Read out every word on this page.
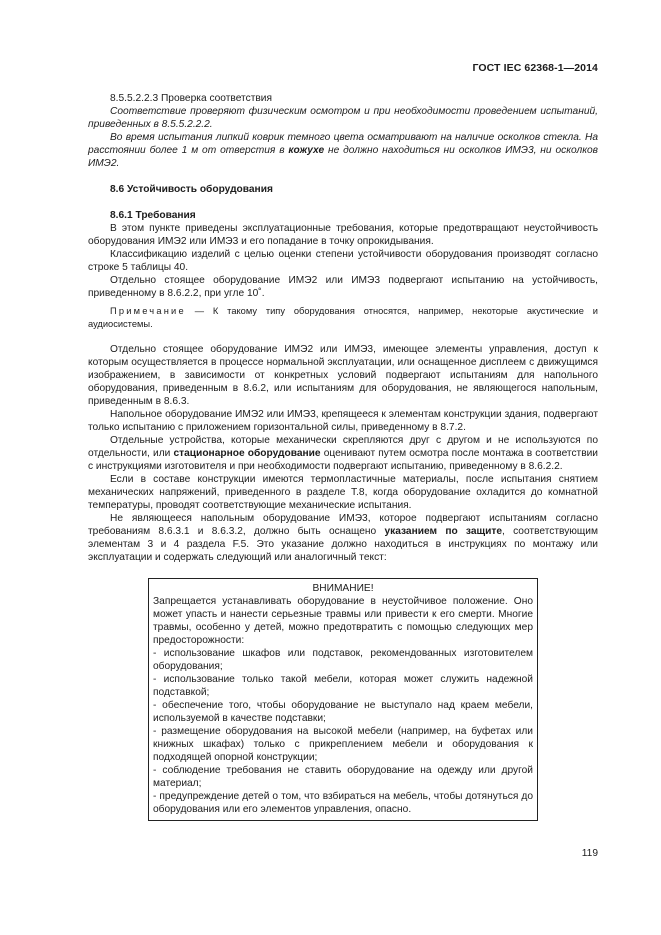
ГОСТ IEC 62368-1—2014

8.5.5.2.2.3 Проверка соответствия

Соответствие проверяют физическим осмотром и при необходимости проведением испытаний, приведенных в 8.5.5.2.2.2.

Во время испытания липкий коврик темного цвета осматривают на наличие осколков стекла. На расстоянии более 1 м от отверстия в кожухе не должно находиться ни осколков ИМЭ3, ни осколков ИМЭ2.

8.6 Устойчивость оборудования

8.6.1 Требования

В этом пункте приведены эксплуатационные требования, которые предотвращают неустойчивость оборудования ИМЭ2 или ИМЭ3 и его попадание в точку опрокидывания.

Классификацию изделий с целью оценки степени устойчивости оборудования производят согласно строке 5 таблицы 40.

Отдельно стоящее оборудование ИМЭ2 или ИМЭ3 подвергают испытанию на устойчивость, приведенному в 8.6.2.2, при угле 10˚.

Примечание — К такому типу оборудования относятся, например, некоторые акустические и аудиосистемы.

Отдельно стоящее оборудование ИМЭ2 или ИМЭ3, имеющее элементы управления, доступ к которым осуществляется в процессе нормальной эксплуатации, или оснащенное дисплеем с движущимся изображением, в зависимости от конкретных условий подвергают испытаниям для напольного оборудования, приведенным в 8.6.2, или испытаниям для оборудования, не являющегося напольным, приведенным в 8.6.3.

Напольное оборудование ИМЭ2 или ИМЭ3, крепящееся к элементам конструкции здания, подвергают только испытанию с приложением горизонтальной силы, приведенному в 8.7.2.

Отдельные устройства, которые механически скрепляются друг с другом и не используются по отдельности, или стационарное оборудование оценивают путем осмотра после монтажа в соответствии с инструкциями изготовителя и при необходимости подвергают испытанию, приведенному в 8.6.2.2.

Если в составе конструкции имеются термопластичные материалы, после испытания снятием механических напряжений, приведенного в разделе Т.8, когда оборудование охладится до комнатной температуры, проводят соответствующие механические испытания.

Не являющееся напольным оборудование ИМЭ3, которое подвергают испытаниям согласно требованиям 8.6.3.1 и 8.6.3.2, должно быть оснащено указанием по защите, соответствующим элементам 3 и 4 раздела F.5. Это указание должно находиться в инструкциях по монтажу или эксплуатации и содержать следующий или аналогичный текст:

ВНИМАНИЕ!

Запрещается устанавливать оборудование в неустойчивое положение. Оно может упасть и нанести серьезные травмы или привести к его смерти. Многие травмы, особенно у детей, можно предотвратить с помощью следующих мер предосторожности:

- использование шкафов или подставок, рекомендованных изготовителем оборудования;

- использование только такой мебели, которая может служить надежной подставкой;

- обеспечение того, чтобы оборудование не выступало над краем мебели, используемой в качестве подставки;

- размещение оборудования на высокой мебели (например, на буфетах или книжных шкафах) только с прикреплением мебели и оборудования к подходящей опорной конструкции;

- соблюдение требования не ставить оборудование на одежду или другой материал;

- предупреждение детей о том, что взбираться на мебель, чтобы дотянуться до оборудования или его элементов управления, опасно.

119
